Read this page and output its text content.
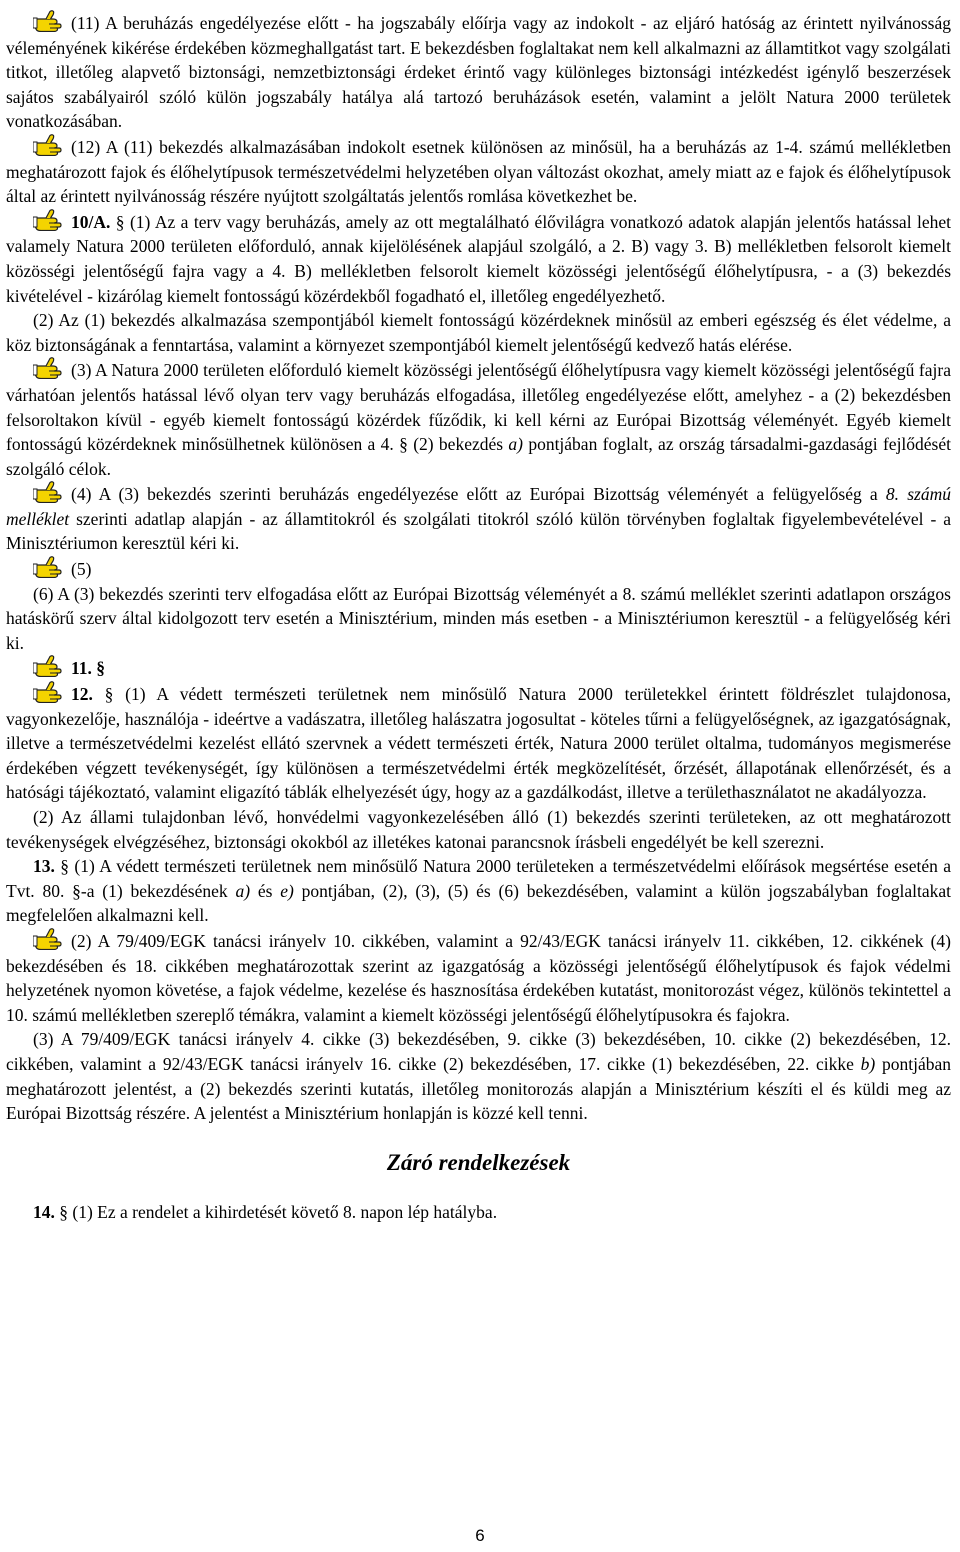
(11) A beruházás engedélyezése előtt - ha jogszabály előírja vagy az indokolt - az eljáró hatóság az érintett nyilvánosság véleményének kikérése érdekében közmeghallgatást tart. E bekezdésben foglaltakat nem kell alkalmazni az államtitkot vagy szolgálati titkot, illetőleg alapvető biztonsági, nemzetbiztonsági érdeket érintő vagy különleges biztonsági intézkedést igénylő beszerzések sajátos szabályairól szóló külön jogszabály hatálya alá tartozó beruházások esetén, valamint a jelölt Natura 2000 területek vonatkozásában.

(12) A (11) bekezdés alkalmazásában indokolt esetnek különösen az minősül, ha a beruházás az 1-4. számú mellékletben meghatározott fajok és élőhelytípusok természetvédelmi helyzetében olyan változást okozhat, amely miatt az e fajok és élőhelytípusok által az érintett nyilvánosság részére nyújtott szolgáltatás jelentős romlása következhet be.

10/A. § (1) Az a terv vagy beruházás, amely az ott megtalálható élővilágra vonatkozó adatok alapján jelentős hatással lehet valamely Natura 2000 területen előforduló, annak kijelölésének alapjául szolgáló, a 2. B) vagy 3. B) mellékletben felsorolt kiemelt közösségi jelentőségű fajra vagy a 4. B) mellékletben felsorolt kiemelt közösségi jelentőségű élőhelytípusra, - a (3) bekezdés kivételével - kizárólag kiemelt fontosságú közérdekből fogadható el, illetőleg engedélyezhető.

(2) Az (1) bekezdés alkalmazása szempontjából kiemelt fontosságú közérdeknek minősül az emberi egészség és élet védelme, a köz biztonságának a fenntartása, valamint a környezet szempontjából kiemelt jelentőségű kedvező hatás elérése.

(3) A Natura 2000 területen előforduló kiemelt közösségi jelentőségű élőhelytípusra vagy kiemelt közösségi jelentőségű fajra várhatóan jelentős hatással lévő olyan terv vagy beruházás elfogadása, illetőleg engedélyezése előtt, amelyhez - a (2) bekezdésben felsoroltakon kívül - egyéb kiemelt fontosságú közérdek fűződik, ki kell kérni az Európai Bizottság véleményét. Egyéb kiemelt fontosságú közérdeknek minősülhetnek különösen a 4. § (2) bekezdés a) pontjában foglalt, az ország társadalmi-gazdasági fejlődését szolgáló célok.

(4) A (3) bekezdés szerinti beruházás engedélyezése előtt az Európai Bizottság véleményét a felügyelőség a 8. számú melléklet szerinti adatlap alapján - az államtitokról és szolgálati titokról szóló külön törvényben foglaltak figyelembevételével - a Minisztériumon keresztül kéri ki.

(5)

(6) A (3) bekezdés szerinti terv elfogadása előtt az Európai Bizottság véleményét a 8. számú melléklet szerinti adatlapon országos hatáskörű szerv által kidolgozott terv esetén a Minisztérium, minden más esetben - a Minisztériumon keresztül - a felügyelőség kéri ki.

11. §

12. § (1) A védett természeti területnek nem minősülő Natura 2000 területekkel érintett földrészlet tulajdonosa, vagyonkezelője, használója - ideértve a vadászatra, illetőleg halászatra jogosultat - köteles tűrni a felügyelőségnek, az igazgatóságnak, illetve a természetvédelmi kezelést ellátó szervnek a védett természeti érték, Natura 2000 terület oltalma, tudományos megismerése érdekében végzett tevékenységét, így különösen a természetvédelmi érték megközelítését, őrzését, állapotának ellenőrzését, és a hatósági tájékoztató, valamint eligazító táblák elhelyezését úgy, hogy az a gazdálkodást, illetve a területhasználatot ne akadályozza.

(2) Az állami tulajdonban lévő, honvédelmi vagyonkezelésében álló (1) bekezdés szerinti területeken, az ott meghatározott tevékenységek elvégzéséhez, biztonsági okokból az illetékes katonai parancsnok írásbeli engedélyét be kell szerezni.

13. § (1) A védett természeti területnek nem minősülő Natura 2000 területeken a természetvédelmi előírások megsértése esetén a Tvt. 80. §-a (1) bekezdésének a) és e) pontjában, (2), (3), (5) és (6) bekezdésében, valamint a külön jogszabályban foglaltakat megfelelően alkalmazni kell.

(2) A 79/409/EGK tanácsi irányelv 10. cikkében, valamint a 92/43/EGK tanácsi irányelv 11. cikkében, 12. cikkének (4) bekezdésében és 18. cikkében meghatározottak szerint az igazgatóság a közösségi jelentőségű élőhelytípusok és fajok védelmi helyzetének nyomon követése, a fajok védelme, kezelése és hasznosítása érdekében kutatást, monitorozást végez, különös tekintettel a 10. számú mellékletben szereplő témákra, valamint a kiemelt közösségi jelentőségű élőhelytípusokra és fajokra.

(3) A 79/409/EGK tanácsi irányelv 4. cikke (3) bekezdésében, 9. cikke (3) bekezdésében, 10. cikke (2) bekezdésében, 12. cikkében, valamint a 92/43/EGK tanácsi irányelv 16. cikke (2) bekezdésében, 17. cikke (1) bekezdésében, 22. cikke b) pontjában meghatározott jelentést, a (2) bekezdés szerinti kutatás, illetőleg monitorozás alapján a Minisztérium készíti el és küldi meg az Európai Bizottság részére. A jelentést a Minisztérium honlapján is közzé kell tenni.

Záró rendelkezések

14. § (1) Ez a rendelet a kihirdetését követő 8. napon lép hatályba.

6
